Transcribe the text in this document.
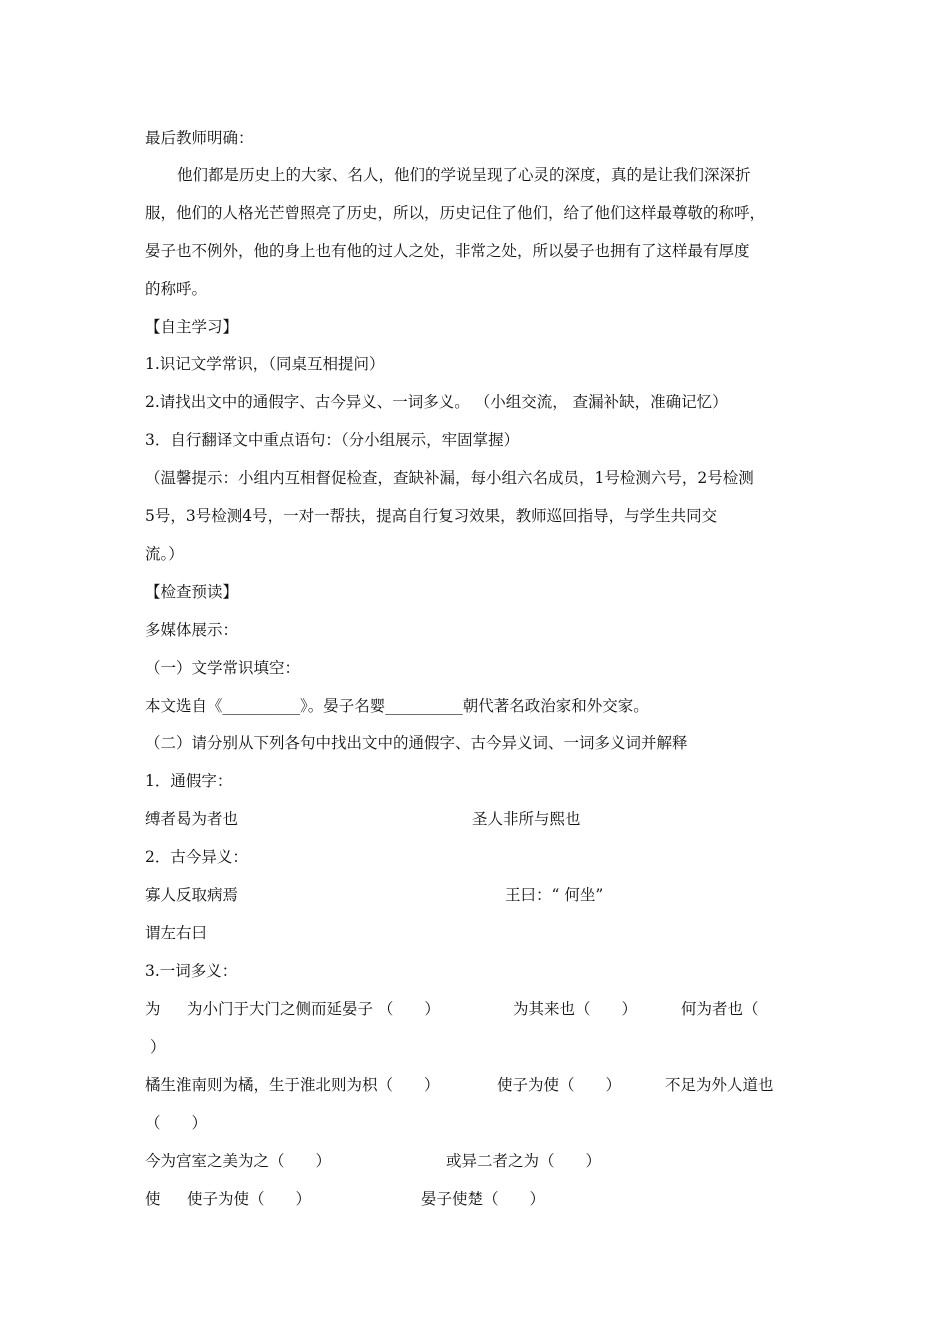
最后教师明确：
他们都是历史上的大家、名人，他们的学说呈现了心灵的深度，真的是让我们深深折
服，他们的人格光芒曾照亮了历史，所以，历史记住了他们，给了他们这样最尊敬的称呼，
晏子也不例外，他的身上也有他的过人之处，非常之处，所以晏子也拥有了这样最有厚度
的称呼。
【自主学习】
1.识记文学常识，（同桌互相提问）
2.请找出文中的通假字、古今异义、一词多义。 （小组交流， 查漏补缺，准确记忆）
3．自行翻译文中重点语句：（分小组展示，牢固掌握）
（温馨提示：小组内互相督促检查，查缺补漏，每小组六名成员，1号检测六号，2号检测
5号，3号检测4号，一对一帮扶，提高自行复习效果，教师巡回指导，与学生共同交
流。）
【检查预读】
多媒体展示：
（一）文学常识填空：
本文选自《__________》。晏子名婴__________朝代著名政治家和外交家。
（二）请分别从下列各句中找出文中的通假字、古今异义词、一词多义词并解释
1．通假字：
缚者曷为者也	圣人非所与熙也
2．古今异义：
寡人反取病焉	王曰：“ 何坐”
谓左右曰
3.一词多义：
为 为小门于大门之侧而延晏子 （　　）	为其来也（　　）	何为者也（
）
橘生淮南则为橘，生于淮北则为枳（　　）	使子为使（　　）	不足为外人道也
（　　）
今为宫室之美为之（　　）	或异二者之为（　　）
使 使子为使（　　）	晏子使楚（　　）
